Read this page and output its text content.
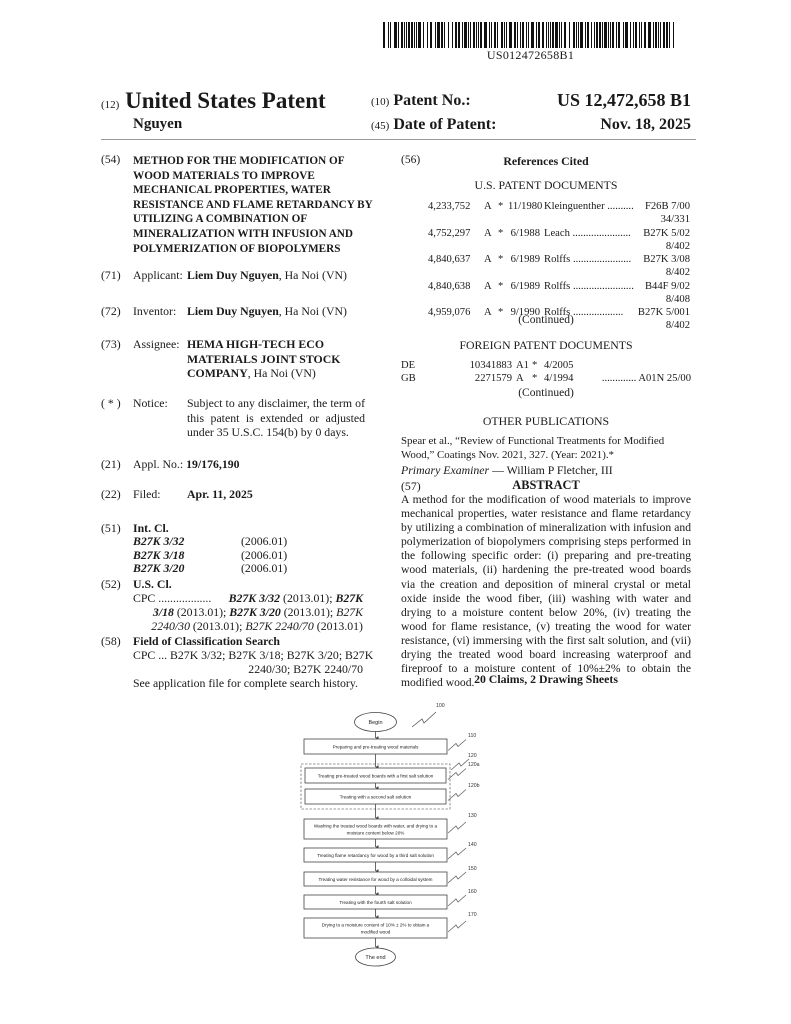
US012472658B1
(12) United States Patent
Nguyen
(10) Patent No.:	US 12,472,658 B1
(45) Date of Patent:	Nov. 18, 2025
(54) METHOD FOR THE MODIFICATION OF WOOD MATERIALS TO IMPROVE MECHANICAL PROPERTIES, WATER RESISTANCE AND FLAME RETARDANCY BY UTILIZING A COMBINATION OF MINERALIZATION WITH INFUSION AND POLYMERIZATION OF BIOPOLYMERS
(71) Applicant: Liem Duy Nguyen, Ha Noi (VN)
(72) Inventor: Liem Duy Nguyen, Ha Noi (VN)
(73) Assignee: HEMA HIGH-TECH ECO MATERIALS JOINT STOCK COMPANY, Ha Noi (VN)
( * ) Notice: Subject to any disclaimer, the term of this patent is extended or adjusted under 35 U.S.C. 154(b) by 0 days.
(21) Appl. No.: 19/176,190
(22) Filed: Apr. 11, 2025
(51) Int. Cl.
B27K 3/32	(2006.01)
B27K 3/18	(2006.01)
B27K 3/20	(2006.01)
(52) U.S. Cl.
CPC .................. B27K 3/32 (2013.01); B27K 3/18 (2013.01); B27K 3/20 (2013.01); B27K 2240/30 (2013.01); B27K 2240/70 (2013.01)
(58) Field of Classification Search
CPC ... B27K 3/32; B27K 3/18; B27K 3/20; B27K
2240/30; B27K 2240/70
See application file for complete search history.
(56)	References Cited
U.S. PATENT DOCUMENTS
4,233,752 A * 11/1980 Kleinguenther .......... F26B 7/00
34/331
4,752,297 A * 6/1988 Leach ...................... B27K 5/02
8/402
4,840,637 A * 6/1989 Rolffs ...................... B27K 3/08
8/402
4,840,638 A * 6/1989 Rolffs ....................... B44F 9/02
8/408
4,959,076 A * 9/1990 Rolffs ................... B27K 5/001
8/402
(Continued)
FOREIGN PATENT DOCUMENTS
DE	10341883 A1 * 4/2005
GB	2271579 A * 4/1994	............. A01N 25/00
(Continued)
OTHER PUBLICATIONS
Spear et al., “Review of Functional Treatments for Modified Wood,” Coatings Nov. 2021, 327. (Year: 2021).*
Primary Examiner — William P Fletcher, III
(57)	ABSTRACT
A method for the modification of wood materials to improve mechanical properties, water resistance and flame retardancy by utilizing a combination of mineralization with infusion and polymerization of biopolymers comprising steps performed in the following specific order: (i) preparing and pre-treating wood materials, (ii) hardening the pre-treated wood boards via the creation and deposition of mineral crystal or metal oxide inside the wood fiber, (iii) washing with water and drying to a moisture content below 20%, (iv) treating the wood for flame resistance, (v) treating the wood for water resistance, (vi) immersing with the first salt solution, and (vii) drying the treated wood board increasing waterproof and fireproof to a moisture content of 10%±2% to obtain the modified wood. 20 Claims, 2 Drawing Sheets
100
Begin
120
Preparing and pre-treating wood materials
110
Treating pre-treated wood boards with a first salt solution
120a
Treating with a second salt solution
120b
Washing the treated wood boards with water, and drying to a
moisture content below 20%
130
Treating flame retardancy for wood by a third salt solution
140
Treating water resistance for wood by a colloidal system
150
Treating with the fourth salt solution
160
Drying to a moisture content of 10% ± 2% to obtain a
modified wood
170
The end
